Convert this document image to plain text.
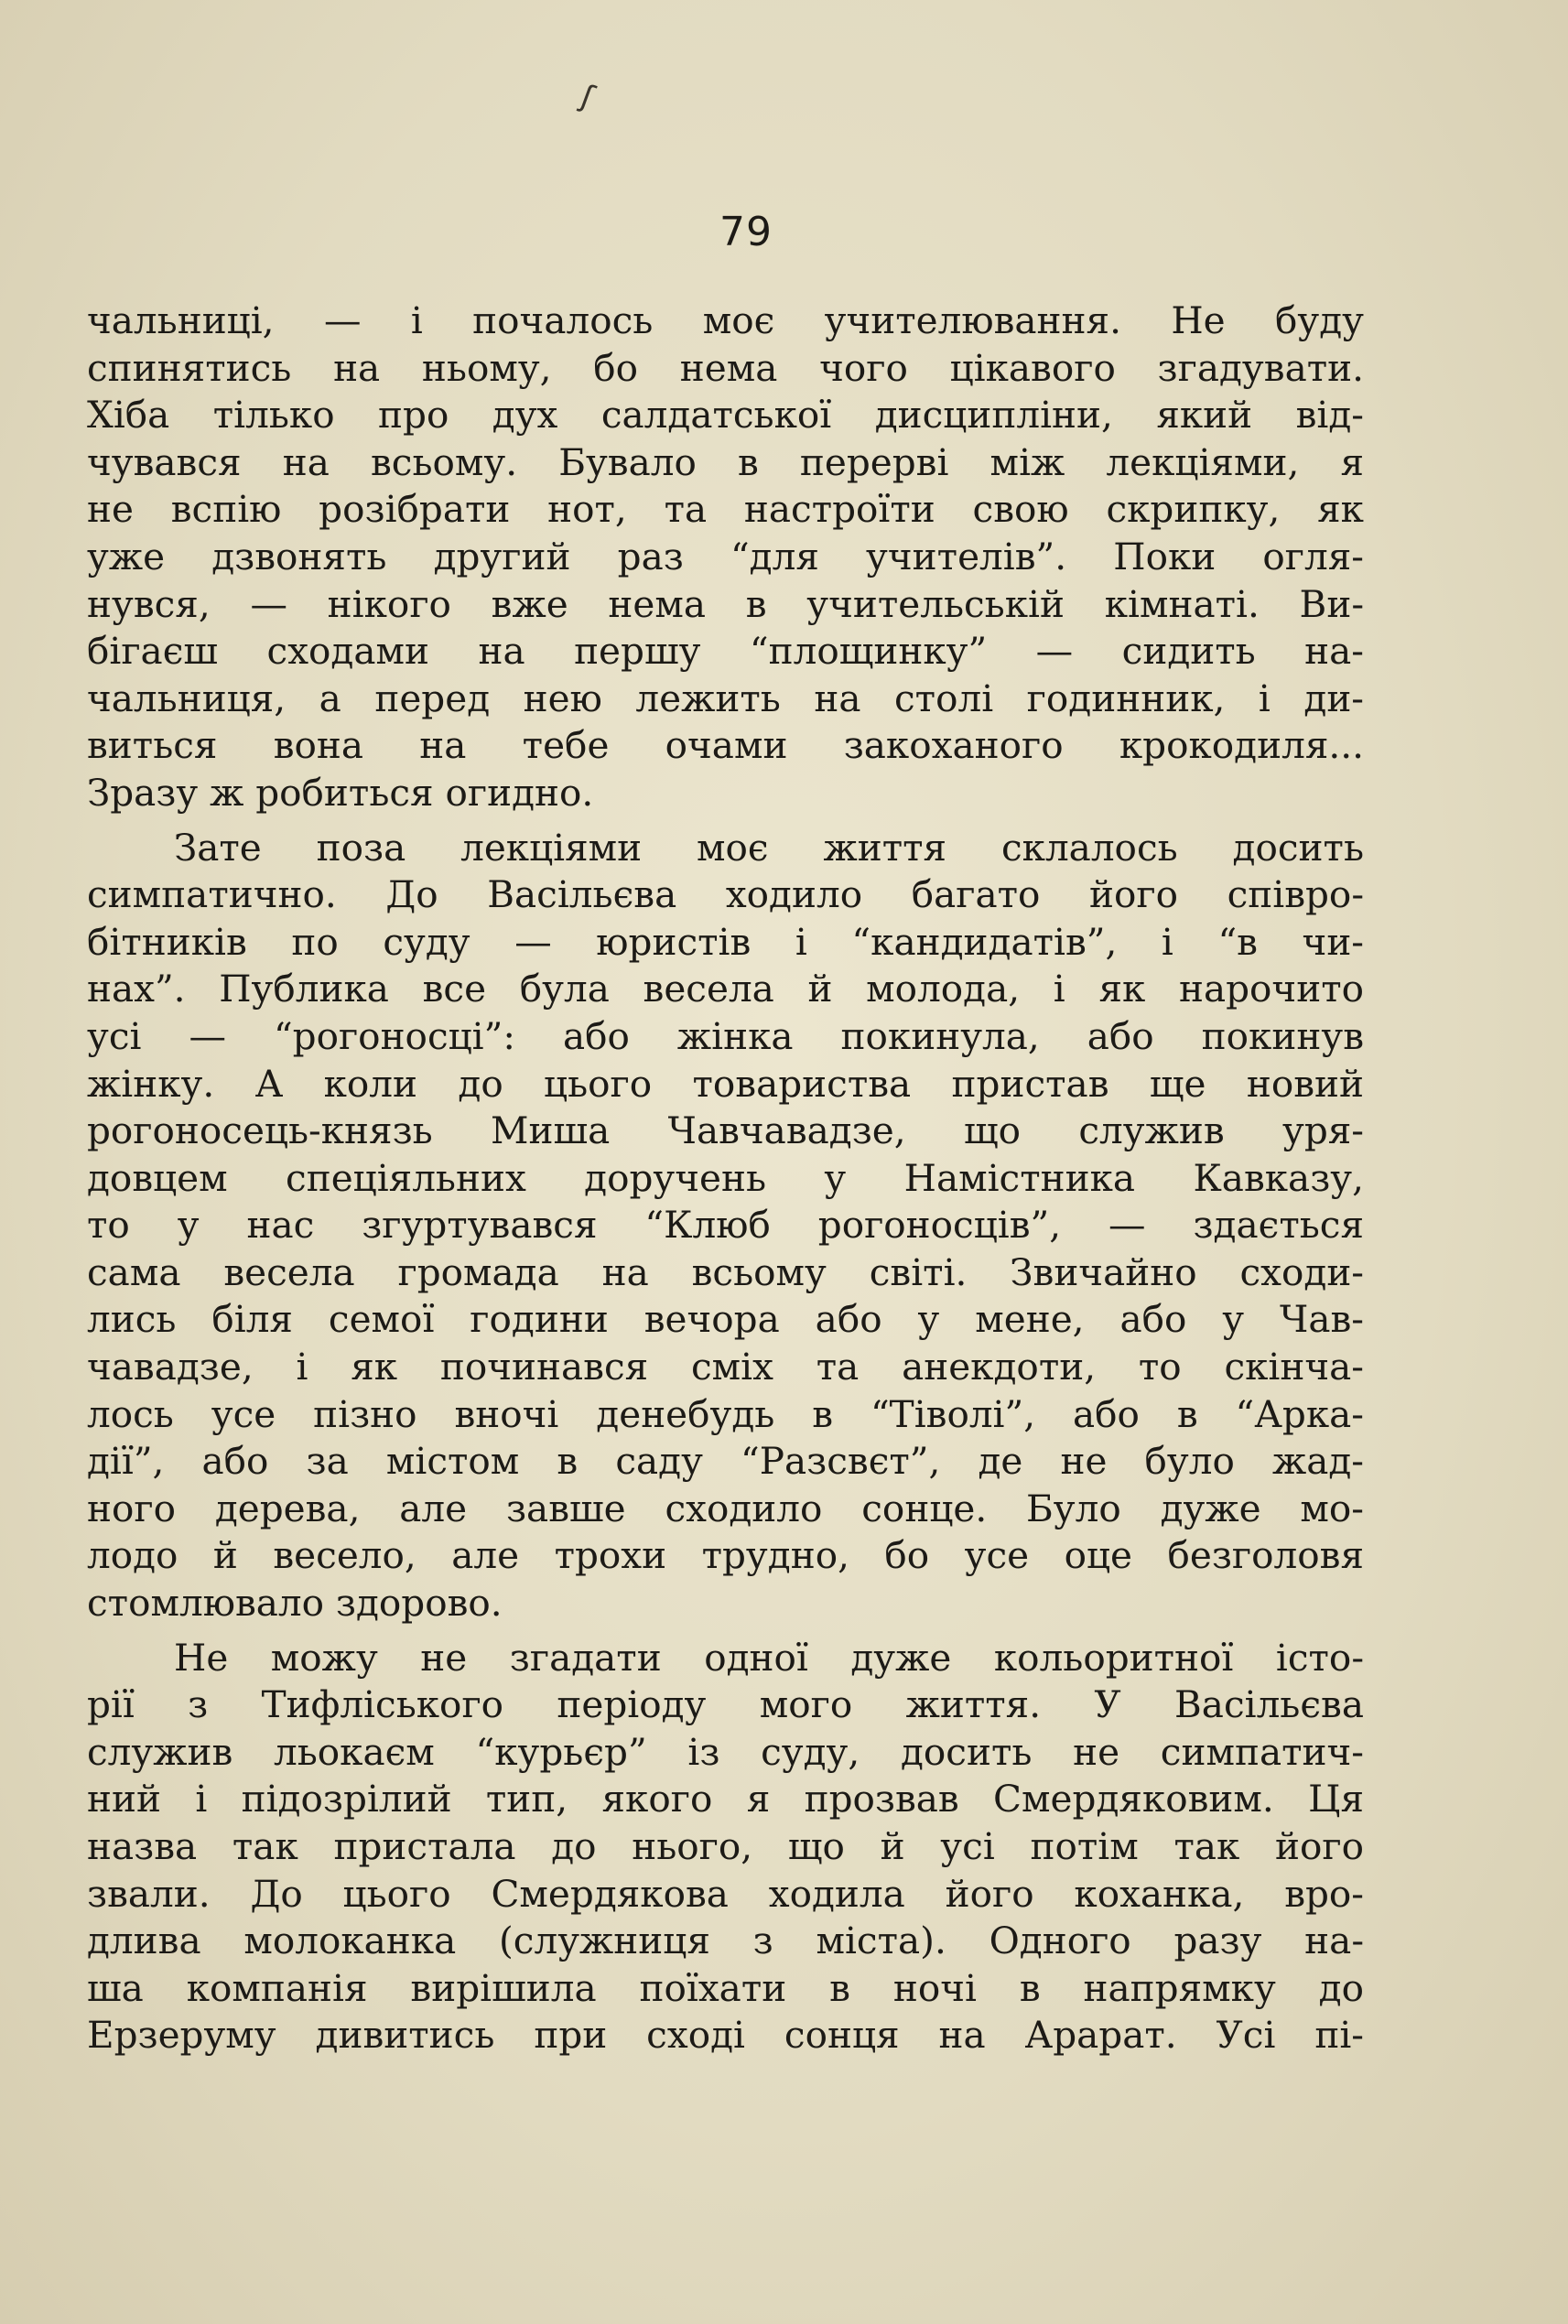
ʃ
79
чальниці, — і почалось моє учителювання. Не буду
спинятись на ньому, бо нема чого цікавого згадувати.
Хіба тілько про дух салдатської дисципліни, який від-
чувався на всьому. Бувало в перерві між лекціями, я
не вспію розібрати нот, та настроїти свою скрипку, як
уже дзвонять другий раз “для учителів”. Поки огля-
нувся, — нікого вже нема в учительській кімнаті. Ви-
бігаєш сходами на першу “площинку” — сидить на-
чальниця, а перед нею лежить на столі годинник, і ди-
виться вона на тебе очами закоханого крокодиля...
Зразу ж робиться огидно.
Зате поза лекціями моє життя склалось досить
симпатично. До Васільєва ходило багато його співро-
бітників по суду — юристів і “кандидатів”, і “в чи-
нах”. Публика все була весела й молода, і як нарочито
усі — “рогоносці”: або жінка покинула, або покинув
жінку. А коли до цього товариства пристав ще новий
рогоносець-князь Миша Чавчавадзе, що служив уря-
довцем спеціяльних доручень у Намістника Кавказу,
то у нас згуртувався “Клюб рогоносців”, — здається
сама весела громада на всьому світі. Звичайно сходи-
лись біля семої години вечора або у мене, або у Чав-
чавадзе, і як починався сміх та анекдоти, то скінча-
лось усе пізно вночі денебудь в “Тіволі”, або в “Арка-
дії”, або за містом в саду “Разсвєт”, де не було жад-
ного дерева, але завше сходило сонце. Було дуже мо-
лодо й весело, але трохи трудно, бо усе оце безголовя
стомлювало здорово.
Не можу не згадати одної дуже кольоритної істо-
рії з Тифліського періоду мого життя. У Васільєва
служив льокаєм “курьєр” із суду, досить не симпатич-
ний і підозрілий тип, якого я прозвав Смердяковим. Ця
назва так пристала до нього, що й усі потім так його
звали. До цього Смердякова ходила його коханка, вро-
длива молоканка (служниця з міста). Одного разу на-
ша компанія вирішила поїхати в ночі в напрямку до
Ерзеруму дивитись при сході сонця на Арарат. Усі пі-
